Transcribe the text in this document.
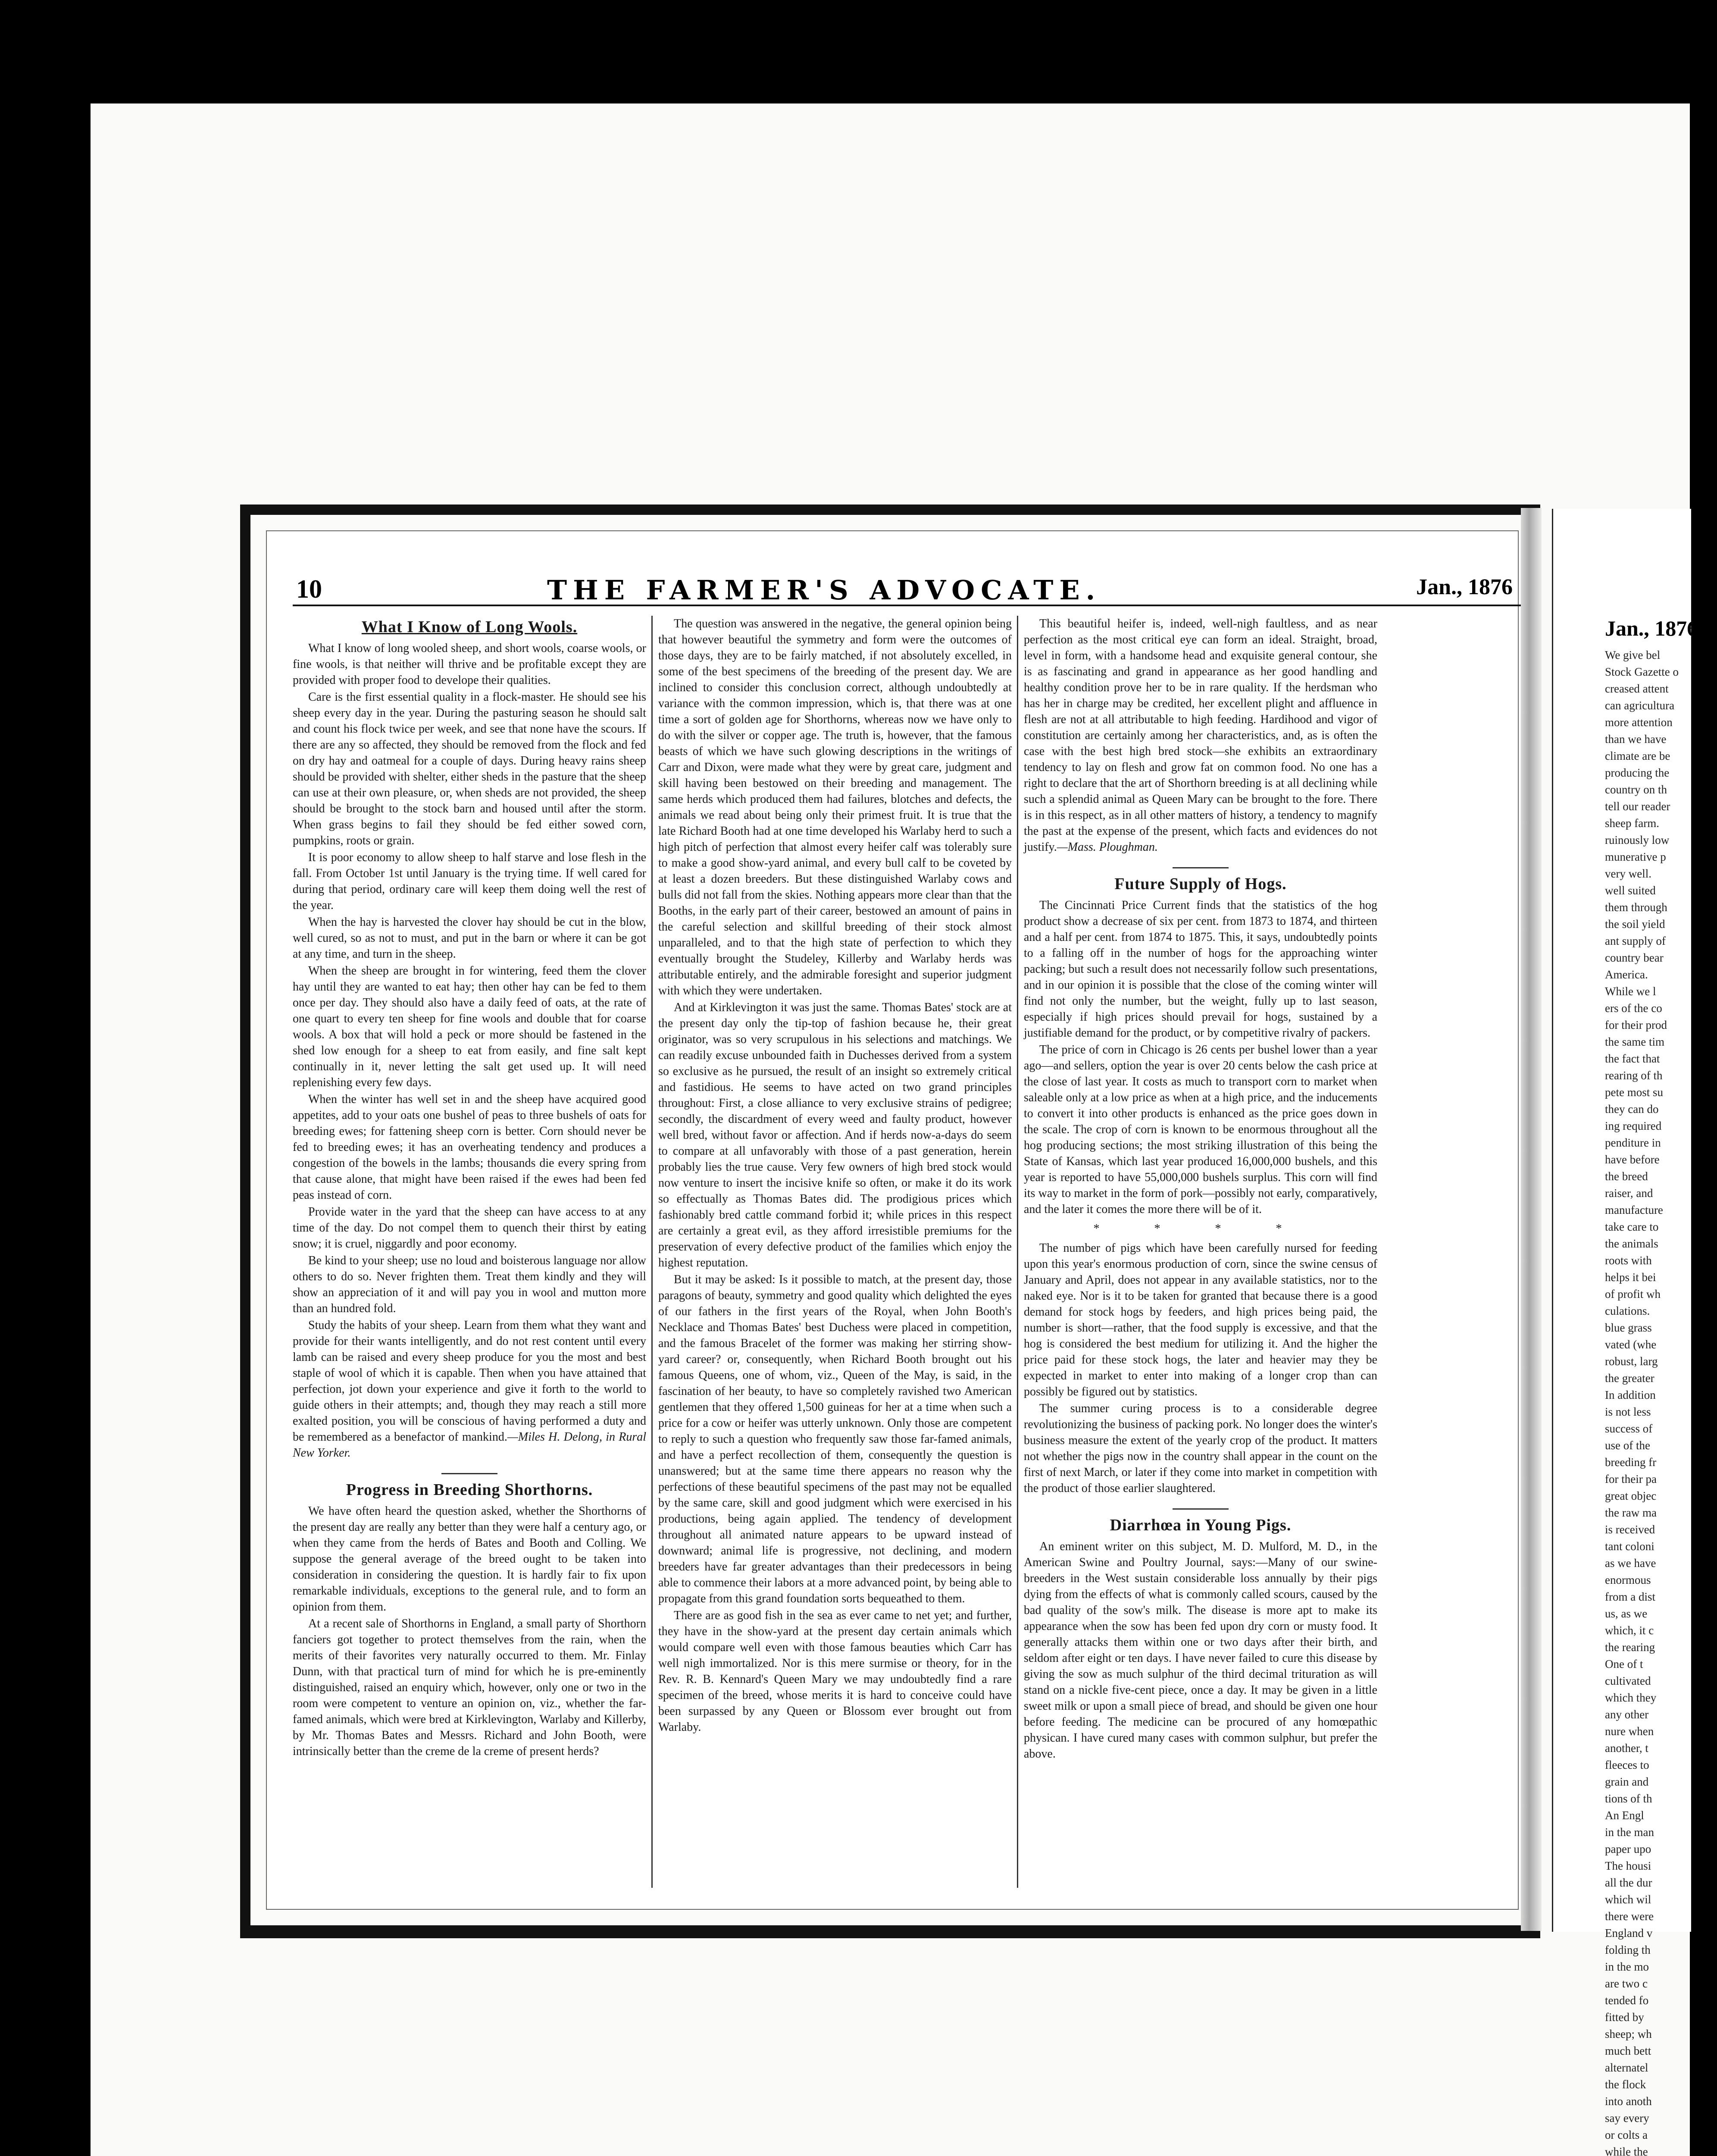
Jan., 1876
We give bel
Stock Gazette o
creased attent
can agricultura
more attention
than we have
climate are be
producing the
country on th
tell our reader
sheep farm.
ruinously low
munerative p
very well.
well suited
them through
the soil yield
ant supply of
country bear
America.
While we l
ers of the co
for their prod
the same tim
the fact that
rearing of th
pete most su
they can do
ing required
penditure in
have before
the breed
raiser, and
manufacture
take care to
the animals
roots with
helps it bei
of profit wh
culations.
blue grass
vated (whe
robust, larg
the greater
In addition
is not less
success of
use of the
breeding fr
for their pa
great objec
the raw ma
is received
tant coloni
as we have
enormous
from a dist
us, as we
which, it c
the rearing
One of t
cultivated
which they
any other
nure when
another, t
fleeces to
grain and
tions of th
An Engl
in the man
paper upo
The housi
all the dur
which wil
there were
England v
folding th
in the mo
are two c
tended fo
fitted by
sheep; wh
much bett
alternatel
the flock
into anoth
say every
or colts a
while the
10	THE FARMER'S ADVOCATE.	Jan., 1876
What I Know of Long Wools.

What I know of long wooled sheep, and short wools, coarse wools, or fine wools, is that neither will thrive and be profitable except they are provided with proper food to develope their qualities.

Care is the first essential quality in a flock-master. He should see his sheep every day in the year. During the pasturing season he should salt and count his flock twice per week, and see that none have the scours. If there are any so affected, they should be removed from the flock and fed on dry hay and oatmeal for a couple of days. During heavy rains sheep should be provided with shelter, either sheds in the pasture that the sheep can use at their own pleasure, or, when sheds are not provided, the sheep should be brought to the stock barn and housed until after the storm. When grass begins to fail they should be fed either sowed corn, pumpkins, roots or grain.

It is poor economy to allow sheep to half starve and lose flesh in the fall. From October 1st until January is the trying time. If well cared for during that period, ordinary care will keep them doing well the rest of the year.

When the hay is harvested the clover hay should be cut in the blow, well cured, so as not to must, and put in the barn or where it can be got at any time, and turn in the sheep.

When the sheep are brought in for wintering, feed them the clover hay until they are wanted to eat hay; then other hay can be fed to them once per day. They should also have a daily feed of oats, at the rate of one quart to every ten sheep for fine wools and double that for coarse wools. A box that will hold a peck or more should be fastened in the shed low enough for a sheep to eat from easily, and fine salt kept continually in it, never letting the salt get used up. It will need replenishing every few days.

When the winter has well set in and the sheep have acquired good appetites, add to your oats one bushel of peas to three bushels of oats for breeding ewes; for fattening sheep corn is better. Corn should never be fed to breeding ewes; it has an overheating tendency and produces a congestion of the bowels in the lambs; thousands die every spring from that cause alone, that might have been raised if the ewes had been fed peas instead of corn.

Provide water in the yard that the sheep can have access to at any time of the day. Do not compel them to quench their thirst by eating snow; it is cruel, niggardly and poor economy.

Be kind to your sheep; use no loud and boisterous language nor allow others to do so. Never frighten them. Treat them kindly and they will show an appreciation of it and will pay you in wool and mutton more than an hundred fold.

Study the habits of your sheep. Learn from them what they want and provide for their wants intelligently, and do not rest content until every lamb can be raised and every sheep produce for you the most and best staple of wool of which it is capable. Then when you have attained that perfection, jot down your experience and give it forth to the world to guide others in their attempts; and, though they may reach a still more exalted position, you will be conscious of having performed a duty and be remembered as a benefactor of mankind.—Miles H. Delong, in Rural New Yorker.

Progress in Breeding Shorthorns.

We have often heard the question asked, whether the Shorthorns of the present day are really any better than they were half a century ago, or when they came from the herds of Bates and Booth and Colling. We suppose the general average of the breed ought to be taken into consideration in considering the question. It is hardly fair to fix upon remarkable individuals, exceptions to the general rule, and to form an opinion from them.

At a recent sale of Shorthorns in England, a small party of Shorthorn fanciers got together to protect themselves from the rain, when the merits of their favorites very naturally occurred to them. Mr. Finlay Dunn, with that practical turn of mind for which he is pre-eminently distinguished, raised an enquiry which, however, only one or two in the room were competent to venture an opinion on, viz., whether the far-famed animals, which were bred at Kirklevington, Warlaby and Killerby, by Mr. Thomas Bates and Messrs. Richard and John Booth, were intrinsically better than the creme de la creme of present herds?

The question was answered in the negative, the general opinion being that however beautiful the symmetry and form were the outcomes of those days, they are to be fairly matched, if not absolutely excelled, in some of the best specimens of the breeding of the present day. We are inclined to consider this conclusion correct, although undoubtedly at variance with the common impression, which is, that there was at one time a sort of golden age for Shorthorns, whereas now we have only to do with the silver or copper age. The truth is, however, that the famous beasts of which we have such glowing descriptions in the writings of Carr and Dixon, were made what they were by great care, judgment and skill having been bestowed on their breeding and management. The same herds which produced them had failures, blotches and defects, the animals we read about being only their primest fruit. It is true that the late Richard Booth had at one time developed his Warlaby herd to such a high pitch of perfection that almost every heifer calf was tolerably sure to make a good show-yard animal, and every bull calf to be coveted by at least a dozen breeders. But these distinguished Warlaby cows and bulls did not fall from the skies. Nothing appears more clear than that the Booths, in the early part of their career, bestowed an amount of pains in the careful selection and skillful breeding of their stock almost unparalleled, and to that the high state of perfection to which they eventually brought the Studeley, Killerby and Warlaby herds was attributable entirely, and the admirable foresight and superior judgment with which they were undertaken.

And at Kirklevington it was just the same. Thomas Bates' stock are at the present day only the tip-top of fashion because he, their great originator, was so very scrupulous in his selections and matchings. We can readily excuse unbounded faith in Duchesses derived from a system so exclusive as he pursued, the result of an insight so extremely critical and fastidious. He seems to have acted on two grand principles throughout: First, a close alliance to very exclusive strains of pedigree; secondly, the discardment of every weed and faulty product, however well bred, without favor or affection. And if herds now-a-days do seem to compare at all unfavorably with those of a past generation, herein probably lies the true cause. Very few owners of high bred stock would now venture to insert the incisive knife so often, or make it do its work so effectually as Thomas Bates did. The prodigious prices which fashionably bred cattle command forbid it; while prices in this respect are certainly a great evil, as they afford irresistible premiums for the preservation of every defective product of the families which enjoy the highest reputation.

But it may be asked: Is it possible to match, at the present day, those paragons of beauty, symmetry and good quality which delighted the eyes of our fathers in the first years of the Royal, when John Booth's Necklace and Thomas Bates' best Duchess were placed in competition, and the famous Bracelet of the former was making her stirring show-yard career? or, consequently, when Richard Booth brought out his famous Queens, one of whom, viz., Queen of the May, is said, in the fascination of her beauty, to have so completely ravished two American gentlemen that they offered 1,500 guineas for her at a time when such a price for a cow or heifer was utterly unknown. Only those are competent to reply to such a question who frequently saw those far-famed animals, and have a perfect recollection of them, consequently the question is unanswered; but at the same time there appears no reason why the perfections of these beautiful specimens of the past may not be equalled by the same care, skill and good judgment which were exercised in his productions, being again applied. The tendency of development throughout all animated nature appears to be upward instead of downward; animal life is progressive, not declining, and modern breeders have far greater advantages than their predecessors in being able to commence their labors at a more advanced point, by being able to propagate from this grand foundation sorts bequeathed to them.

There are as good fish in the sea as ever came to net yet; and further, they have in the show-yard at the present day certain animals which would compare well even with those famous beauties which Carr has well nigh immortalized. Nor is this mere surmise or theory, for in the Rev. R. B. Kennard's Queen Mary we may undoubtedly find a rare specimen of the breed, whose merits it is hard to conceive could have been surpassed by any Queen or Blossom ever brought out from Warlaby.

This beautiful heifer is, indeed, well-nigh faultless, and as near perfection as the most critical eye can form an ideal. Straight, broad, level in form, with a handsome head and exquisite general contour, she is as fascinating and grand in appearance as her good handling and healthy condition prove her to be in rare quality. If the herdsman who has her in charge may be credited, her excellent plight and affluence in flesh are not at all attributable to high feeding. Hardihood and vigor of constitution are certainly among her characteristics, and, as is often the case with the best high bred stock—she exhibits an extraordinary tendency to lay on flesh and grow fat on common food. No one has a right to declare that the art of Shorthorn breeding is at all declining while such a splendid animal as Queen Mary can be brought to the fore. There is in this respect, as in all other matters of history, a tendency to magnify the past at the expense of the present, which facts and evidences do not justify.—Mass. Ploughman.

Future Supply of Hogs.

The Cincinnati Price Current finds that the statistics of the hog product show a decrease of six per cent. from 1873 to 1874, and thirteen and a half per cent. from 1874 to 1875. This, it says, undoubtedly points to a falling off in the number of hogs for the approaching winter packing; but such a result does not necessarily follow such presentations, and in our opinion it is possible that the close of the coming winter will find not only the number, but the weight, fully up to last season, especially if high prices should prevail for hogs, sustained by a justifiable demand for the product, or by competitive rivalry of packers.

The price of corn in Chicago is 26 cents per bushel lower than a year ago—and sellers, option the year is over 20 cents below the cash price at the close of last year. It costs as much to transport corn to market when saleable only at a low price as when at a high price, and the inducements to convert it into other products is enhanced as the price goes down in the scale. The crop of corn is known to be enormous throughout all the hog producing sections; the most striking illustration of this being the State of Kansas, which last year produced 16,000,000 bushels, and this year is reported to have 55,000,000 bushels surplus. This corn will find its way to market in the form of pork—possibly not early, comparatively, and the later it comes the more there will be of it.

* * * *

The number of pigs which have been carefully nursed for feeding upon this year's enormous production of corn, since the swine census of January and April, does not appear in any available statistics, nor to the naked eye. Nor is it to be taken for granted that because there is a good demand for stock hogs by feeders, and high prices being paid, the number is short—rather, that the food supply is excessive, and that the hog is considered the best medium for utilizing it. And the higher the price paid for these stock hogs, the later and heavier may they be expected in market to enter into making of a longer crop than can possibly be figured out by statistics.

The summer curing process is to a considerable degree revolutionizing the business of packing pork. No longer does the winter's business measure the extent of the yearly crop of the product. It matters not whether the pigs now in the country shall appear in the count on the first of next March, or later if they come into market in competition with the product of those earlier slaughtered.

Diarrhœa in Young Pigs.

An eminent writer on this subject, M. D. Mulford, M. D., in the American Swine and Poultry Journal, says:—Many of our swine-breeders in the West sustain considerable loss annually by their pigs dying from the effects of what is commonly called scours, caused by the bad quality of the sow's milk. The disease is more apt to make its appearance when the sow has been fed upon dry corn or musty food. It generally attacks them within one or two days after their birth, and seldom after eight or ten days. I have never failed to cure this disease by giving the sow as much sulphur of the third decimal trituration as will stand on a nickle five-cent piece, once a day. It may be given in a little sweet milk or upon a small piece of bread, and should be given one hour before feeding. The medicine can be procured of any homœpathic physican. I have cured many cases with common sulphur, but prefer the above.
